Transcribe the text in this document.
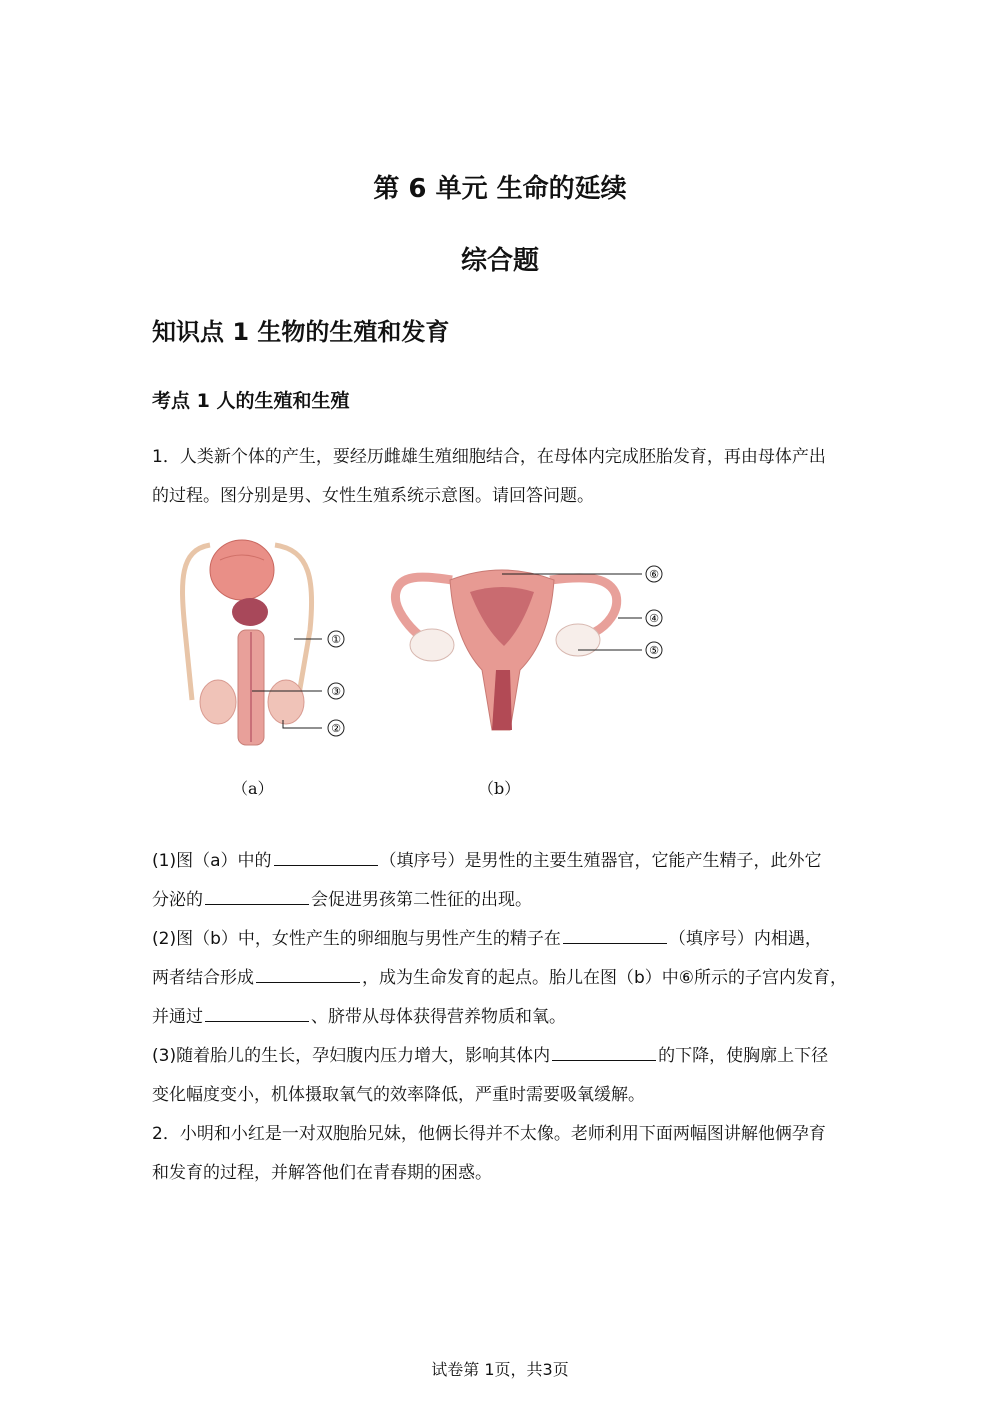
第 6 单元 生命的延续
综合题
知识点 1 生物的生殖和发育
考点 1 人的生殖和生殖
1．人类新个体的产生，要经历雌雄生殖细胞结合，在母体内完成胚胎发育，再由母体产出
的过程。图分别是男、女性生殖系统示意图。请回答问题。
①
③
②
⑥
④
⑤
（a）	（b）
(1)图（a）中的	（填序号）是男性的主要生殖器官，它能产生精子，此外它
分泌的	会促进男孩第二性征的出现。
(2)图（b）中，女性产生的卵细胞与男性产生的精子在	（填序号）内相遇，
两者结合形成	，成为生命发育的起点。胎儿在图（b）中⑥所示的子宫内发育，
并通过	、脐带从母体获得营养物质和氧。
(3)随着胎儿的生长，孕妇腹内压力增大，影响其体内	的下降，使胸廓上下径
变化幅度变小，机体摄取氧气的效率降低，严重时需要吸氧缓解。
2．小明和小红是一对双胞胎兄妹，他俩长得并不太像。老师利用下面两幅图讲解他俩孕育
和发育的过程，并解答他们在青春期的困惑。
试卷第 1页，共3页
